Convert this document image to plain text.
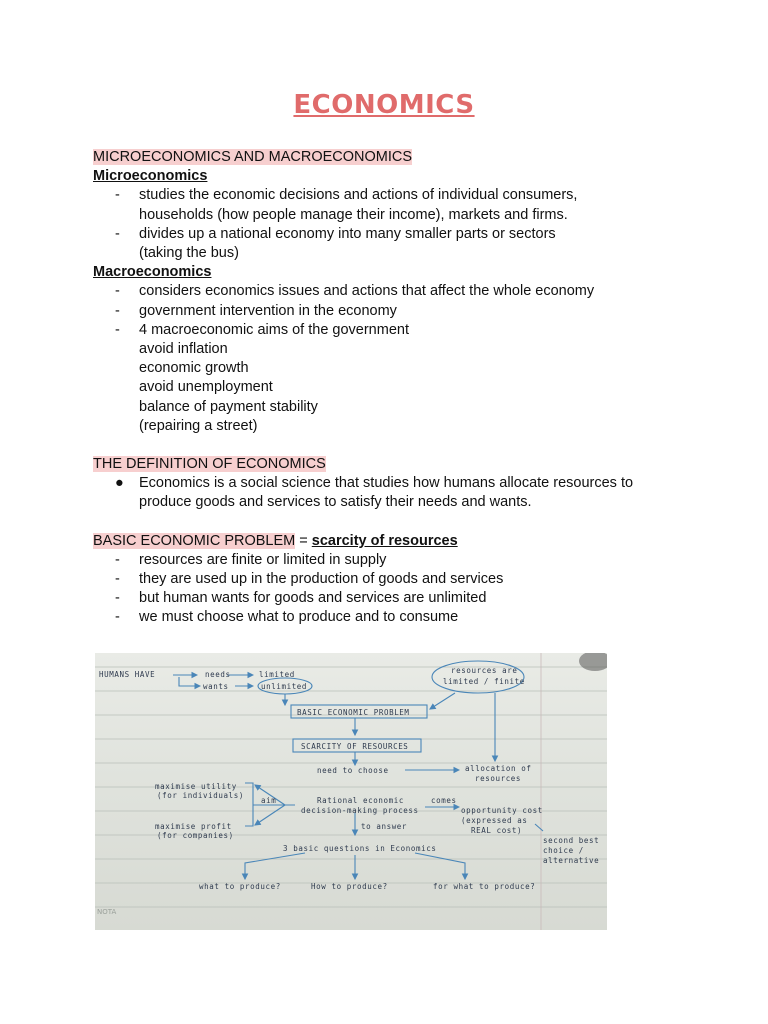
ECONOMICS
MICROECONOMICS AND MACROECONOMICS
Microeconomics
- studies the economic decisions and actions of individual consumers,
households (how people manage their income), markets and firms.
- divides up a national economy into many smaller parts or sectors
(taking the bus)
Macroeconomics
- considers economics issues and actions that affect the whole economy
- government intervention in the economy
- 4 macroeconomic aims of the government
avoid inflation
economic growth
avoid unemployment
balance of payment stability
(repairing a street)
THE DEFINITION OF ECONOMICS
● Economics is a social science that studies how humans allocate resources to
produce goods and services to satisfy their needs and wants.
BASIC ECONOMIC PROBLEM = scarcity of resources
- resources are finite or limited in supply
- they are used up in the production of goods and services
- but human wants for goods and services are unlimited
- we must choose what to produce and to consume
HUMANS HAVE	needs	limited
wants	unlimited
resources are
limited / finite
BASIC ECONOMIC PROBLEM
SCARCITY OF RESOURCES
need to choose	allocation of
resources
maximise utility
(for individuals)
aim	Rational economic
decision-making process
comes
opportunity cost
(expressed as
REAL cost)
second best
choice /
alternative
maximise profit
(for companies)
to answer
3 basic questions in Economics
what to produce?	How to produce?	for what to produce?
NOTA
